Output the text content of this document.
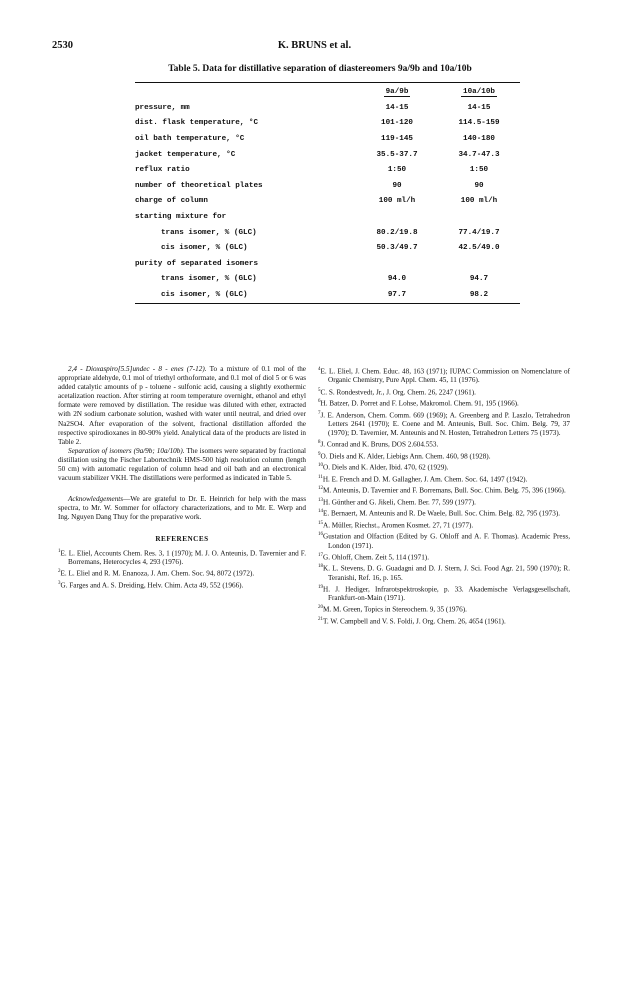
2530	K. BRUNS et al.
Table 5. Data for distillative separation of diastereomers 9a/9b and 10a/10b
	9a/9b	10a/10b
pressure, mm	14-15	14-15
dist. flask temperature, °C	101-120	114.5-159
oil bath temperature, °C	119-145	140-180
jacket temperature, °C	35.5-37.7	34.7-47.3
reflux ratio	1:50	1:50
number of theoretical plates	90	90
charge of column	100 ml/h	100 ml/h
starting mixture for		
trans isomer, % (GLC)	80.2/19.8	77.4/19.7
cis isomer, % (GLC)	50.3/49.7	42.5/49.0
purity of separated isomers		
trans isomer, % (GLC)	94.0	94.7
cis isomer, % (GLC)	97.7	98.2

2,4 - Dioxaspiro[5.5]undec - 8 - enes (7-12). To a mixture of 0.1 mol of the appropriate aldehyde, 0.1 mol of triethyl orthoformate, and 0.1 mol of diol 5 or 6 was added catalytic amounts of p - toluene - sulfonic acid, causing a slightly exothermic acetalization reaction. After stirring at room temperature overnight, ethanol and ethyl formate were removed by distillation. The residue was diluted with ether, extracted with 2N sodium carbonate solution, washed with water until neutral, and dried over Na2SO4. After evaporation of the solvent, fractional distillation afforded the respective spirodioxanes in 80-90% yield. Analytical data of the products are listed in Table 2.

Separation of isomers (9a/9b; 10a/10b). The isomers were separated by fractional distillation using the Fischer Labortechnik HMS-500 high resolution column (length 50 cm) with automatic regulation of column head and oil bath and an electronical vacuum stabilizer VKH. The distillations were performed as indicated in Table 5.

Acknowledgements—We are grateful to Dr. E. Heinrich for help with the mass spectra, to Mr. W. Sommer for olfactory characterizations, and to Mr. E. Werp and Ing. Nguyen Dang Thuy for the preparative work.

REFERENCES

$^1$E. L. Eliel, Accounts Chem. Res. 3, 1 (1970); M. J. O. Anteunis, D. Tavernier and F. Borremans, Heterocycles 4, 293 (1976).

$^2$E. L. Eliel and R. M. Enanoza, J. Am. Chem. Soc. 94, 8072 (1972).

$^3$G. Farges and A. S. Dreiding, Helv. Chim. Acta 49, 552 (1966).

$^4$E. L. Eliel, J. Chem. Educ. 48, 163 (1971); IUPAC Commission on Nomenclature of Organic Chemistry, Pure Appl. Chem. 45, 11 (1976).

$^5$C. S. Rondestvedt, Jr., J. Org. Chem. 26, 2247 (1961).

$^6$H. Batzer, D. Porret and F. Lohse, Makromol. Chem. 91, 195 (1966).

$^7$J. E. Anderson, Chem. Comm. 669 (1969); A. Greenberg and P. Laszlo, Tetrahedron Letters 2641 (1970); E. Coene and M. Anteunis, Bull. Soc. Chim. Belg. 79, 37 (1970); D. Tavernier, M. Anteunis and N. Hosten, Tetrahedron Letters 75 (1973).

$^8$J. Conrad and K. Bruns, DOS 2.604.553.

$^9$O. Diels and K. Alder, Liebigs Ann. Chem. 460, 98 (1928).

$^{10}$O. Diels and K. Alder, Ibid. 470, 62 (1929).

$^{11}$H. E. French and D. M. Gallagher, J. Am. Chem. Soc. 64, 1497 (1942).

$^{12}$M. Anteunis, D. Tavernier and F. Borremans, Bull. Soc. Chim. Belg. 75, 396 (1966).

$^{13}$H. Günther and G. Jikeli, Chem. Ber. 77, 599 (1977).

$^{14}$E. Bernaert, M. Anteunis and R. De Waele, Bull. Soc. Chim. Belg. 82, 795 (1973).

$^{15}$A. Müller, Riechst., Aromen Kosmet. 27, 71 (1977).

$^{16}$Gustation and Olfaction (Edited by G. Ohloff and A. F. Thomas). Academic Press, London (1971).

$^{17}$G. Ohloff, Chem. Zeit 5, 114 (1971).

$^{18}$K. L. Stevens, D. G. Guadagni and D. J. Stern, J. Sci. Food Agr. 21, 590 (1970); R. Teranishi, Ref. 16, p. 165.

$^{19}$H. J. Hediger, Infrarotspektroskopie, p. 33. Akademische Verlagsgesellschaft, Frankfurt-on-Main (1971).

$^{20}$M. M. Green, Topics in Stereochem. 9, 35 (1976).

$^{21}$T. W. Campbell and V. S. Foldi, J. Org. Chem. 26, 4654 (1961).
